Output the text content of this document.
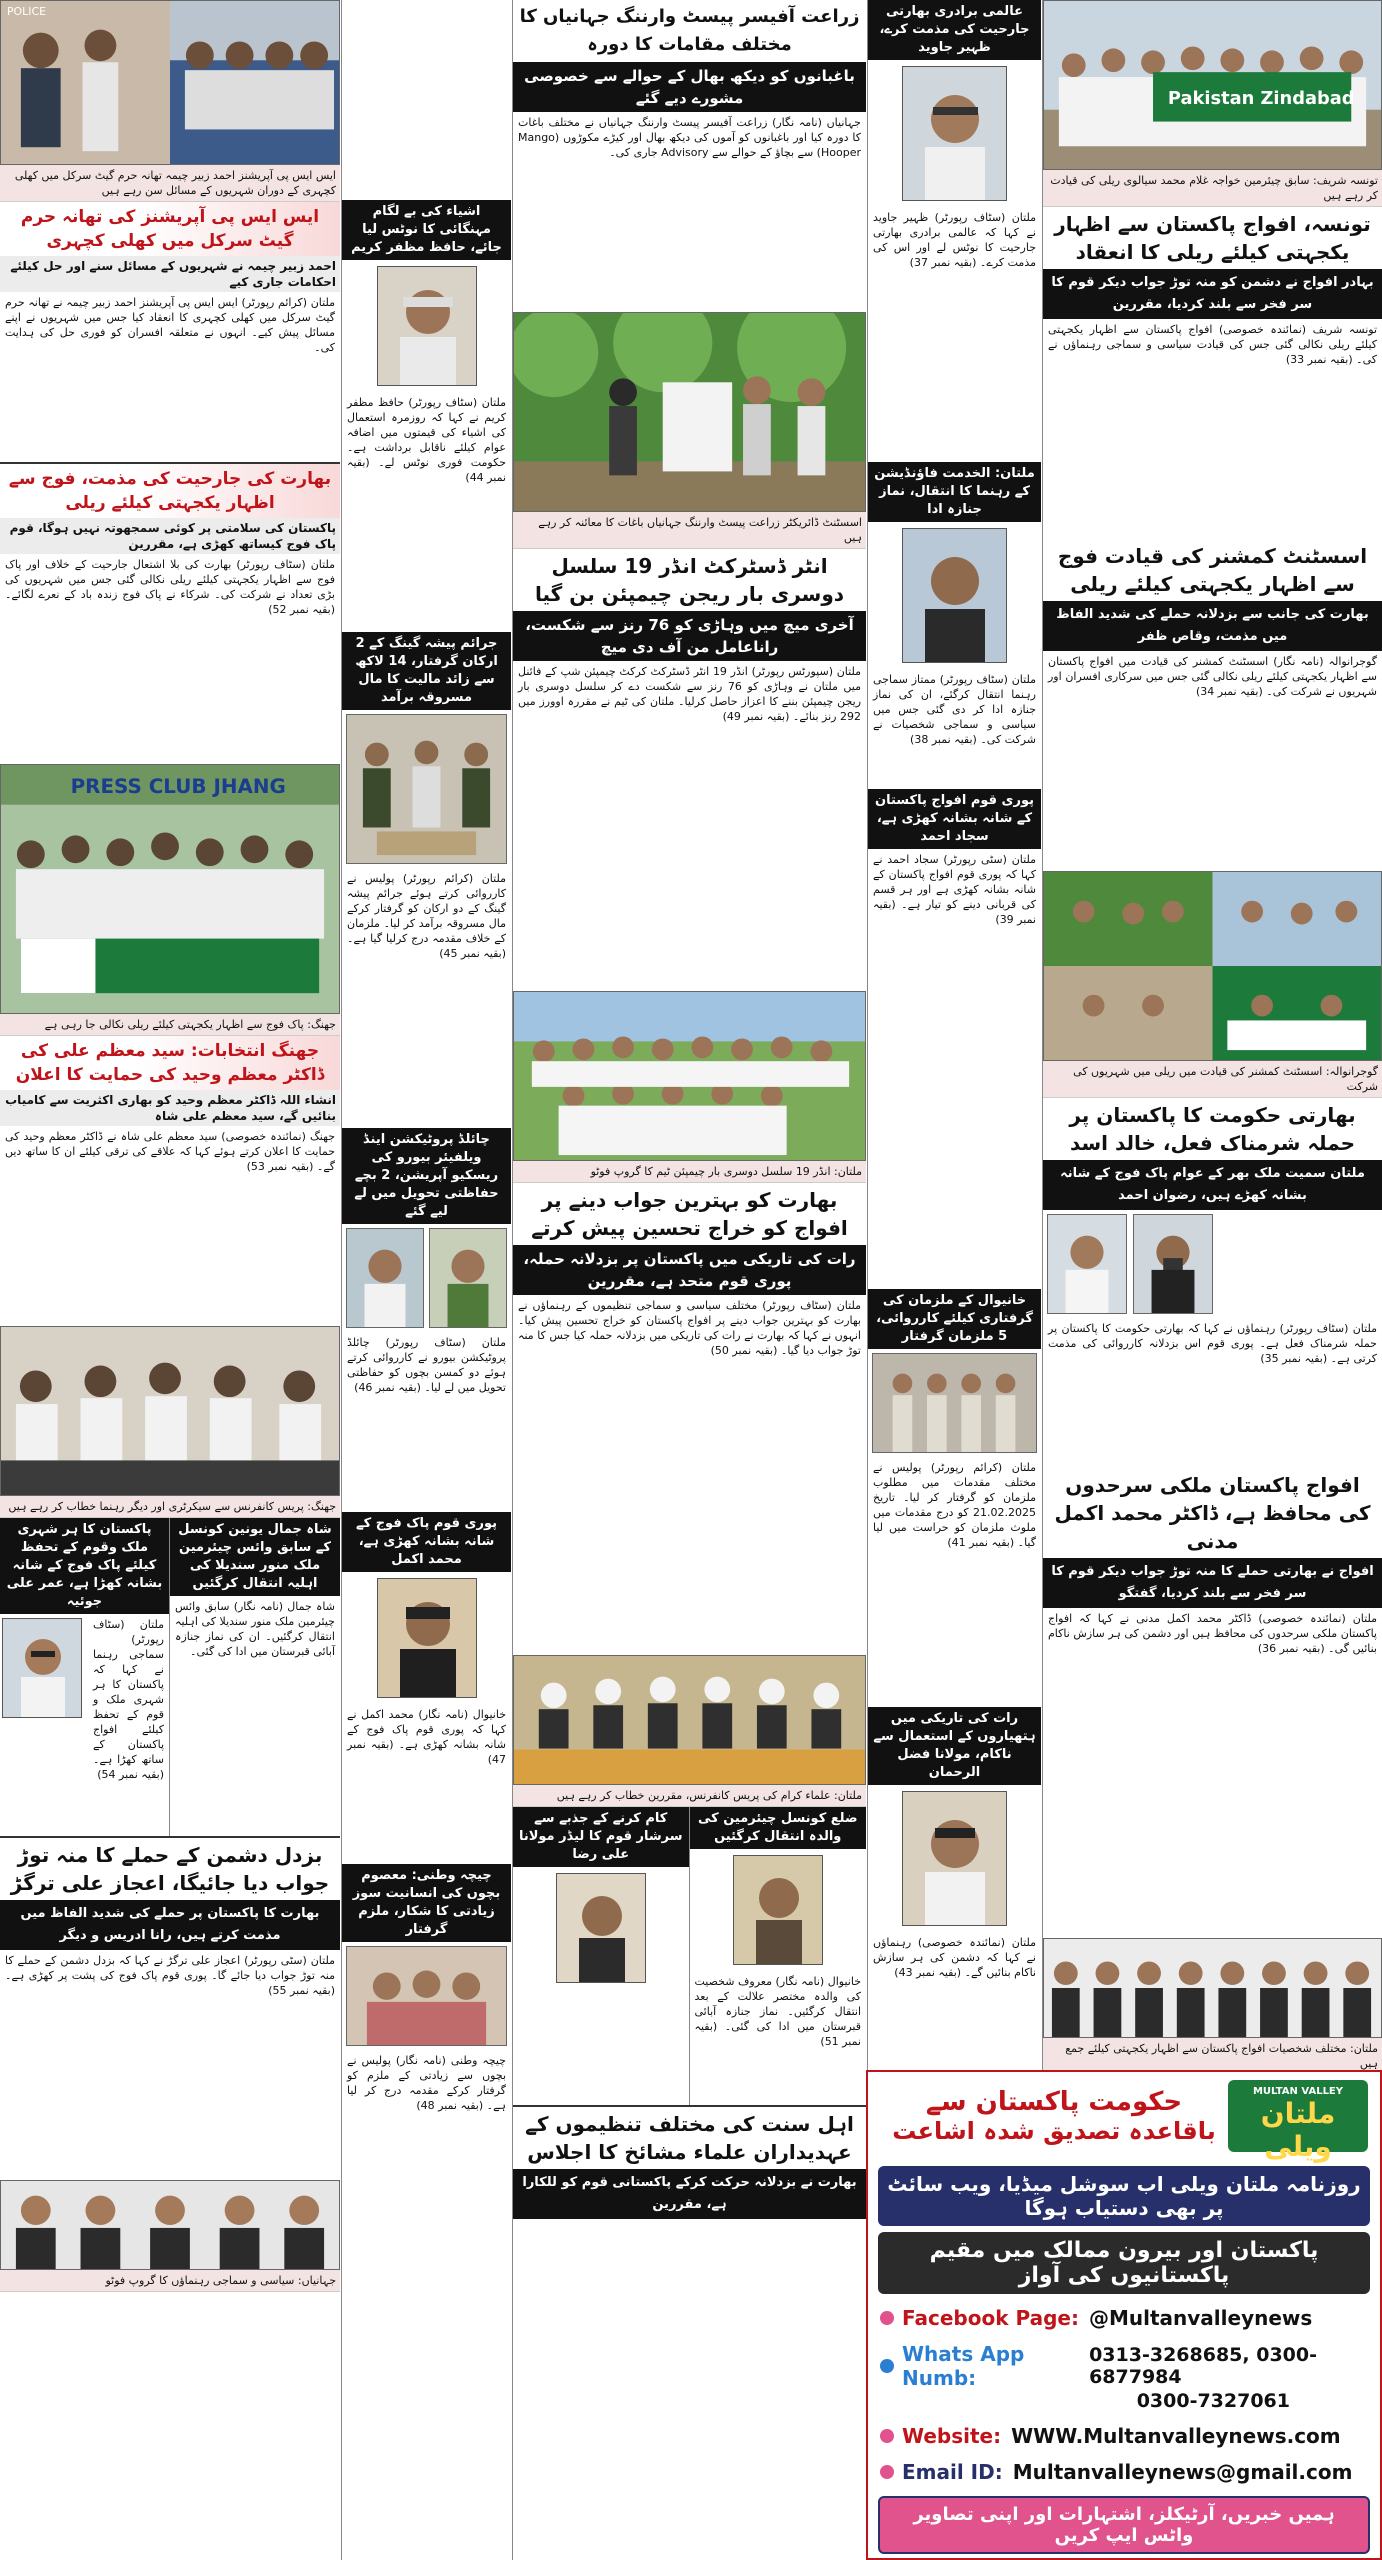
POLICE
ایس ایس پی آپریشنز احمد زبیر چیمہ تھانہ حرم گیٹ سرکل میں کھلی کچہری کے دوران شہریوں کے مسائل سن رہے ہیں
ایس ایس پی آپریشنز کی تھانہ حرم گیٹ سرکل میں کھلی کچہری
احمد زبیر چیمہ نے شہریوں کے مسائل سنے اور حل کیلئے احکامات جاری کیے
ملتان (کرائم رپورٹر) ایس ایس پی آپریشنز احمد زبیر چیمہ نے تھانہ حرم گیٹ سرکل میں کھلی کچہری کا انعقاد کیا جس میں شہریوں نے اپنے مسائل پیش کیے۔ انہوں نے متعلقہ افسران کو فوری حل کی ہدایت کی۔
بھارت کی جارحیت کی مذمت، فوج سے اظہار یکجہتی کیلئے ریلی
پاکستان کی سلامتی پر کوئی سمجھوتہ نہیں ہوگا، قوم پاک فوج کیساتھ کھڑی ہے، مقررین
ملتان (سٹاف رپورٹر) بھارت کی بلا اشتعال جارحیت کے خلاف اور پاک فوج سے اظہار یکجہتی کیلئے ریلی نکالی گئی جس میں شہریوں کی بڑی تعداد نے شرکت کی۔ شرکاء نے پاک فوج زندہ باد کے نعرے لگائے۔ (بقیہ نمبر 52)
PRESS CLUB JHANG
جھنگ: پاک فوج سے اظہار یکجہتی کیلئے ریلی نکالی جا رہی ہے
جھنگ انتخابات: سید معظم علی کی ڈاکٹر معظم وحید کی حمایت کا اعلان
انشاء اللہ ڈاکٹر معظم وحید کو بھاری اکثریت سے کامیاب بنائیں گے، سید معظم علی شاہ
جھنگ (نمائندہ خصوصی) سید معظم علی شاہ نے ڈاکٹر معظم وحید کی حمایت کا اعلان کرتے ہوئے کہا کہ علاقے کی ترقی کیلئے ان کا ساتھ دیں گے۔ (بقیہ نمبر 53)
جھنگ: پریس کانفرنس سے سیکرٹری اور دیگر رہنما خطاب کر رہے ہیں
پاکستان کا ہر شہری ملک وقوم کے تحفظ کیلئے پاک فوج کے شانہ بشانہ کھڑا ہے، عمر علی جوئیہ
ملتان (سٹاف رپورٹر) سماجی رہنما نے کہا کہ پاکستان کا ہر شہری ملک و قوم کے تحفظ کیلئے افواج پاکستان کے ساتھ کھڑا ہے۔ (بقیہ نمبر 54)
شاہ جمال یونین کونسل کے سابق وائس چیئرمین ملک منور سندیلا کی اہلیہ انتقال کرگئیں
شاہ جمال (نامہ نگار) سابق وائس چیئرمین ملک منور سندیلا کی اہلیہ انتقال کرگئیں۔ ان کی نماز جنازہ آبائی قبرستان میں ادا کی گئی۔
بزدل دشمن کے حملے کا منہ توڑ جواب دیا جائیگا، اعجاز علی ترگڑ
بھارت کا پاکستان پر حملے کی شدید الفاظ میں مذمت کرتے ہیں، رانا ادریس و دیگر
ملتان (سٹی رپورٹر) اعجاز علی ترگڑ نے کہا کہ بزدل دشمن کے حملے کا منہ توڑ جواب دیا جائے گا۔ پوری قوم پاک فوج کی پشت پر کھڑی ہے۔ (بقیہ نمبر 55)
جہانیاں: سیاسی و سماجی رہنماؤں کا گروپ فوٹو
اشیاء کی بے لگام مہنگائی کا نوٹس لیا جائے، حافظ مظفر کریم
ملتان (سٹاف رپورٹر) حافظ مظفر کریم نے کہا کہ روزمرہ استعمال کی اشیاء کی قیمتوں میں اضافہ عوام کیلئے ناقابل برداشت ہے۔ حکومت فوری نوٹس لے۔ (بقیہ نمبر 44)
جرائم پیشہ گینگ کے 2 ارکان گرفتار، 14 لاکھ سے زائد مالیت کا مال مسروقہ برآمد
ملتان (کرائم رپورٹر) پولیس نے کارروائی کرتے ہوئے جرائم پیشہ گینگ کے دو ارکان کو گرفتار کرکے مال مسروقہ برآمد کر لیا۔ ملزمان کے خلاف مقدمہ درج کرلیا گیا ہے۔ (بقیہ نمبر 45)
چائلڈ پروٹیکشن اینڈ ویلفیئر بیورو کی ریسکیو آپریشن، 2 بچے حفاظتی تحویل میں لے لیے گئے
ملتان (سٹاف رپورٹر) چائلڈ پروٹیکشن بیورو نے کارروائی کرتے ہوئے دو کمسن بچوں کو حفاظتی تحویل میں لے لیا۔ (بقیہ نمبر 46)
پوری قوم پاک فوج کے شانہ بشانہ کھڑی ہے، محمد اکمل
خانیوال (نامہ نگار) محمد اکمل نے کہا کہ پوری قوم پاک فوج کے شانہ بشانہ کھڑی ہے۔ (بقیہ نمبر 47)
چیچہ وطنی: معصوم بچوں کی انسانیت سوز زیادتی کا شکار، ملزم گرفتار
چیچہ وطنی (نامہ نگار) پولیس نے بچوں سے زیادتی کے ملزم کو گرفتار کرکے مقدمہ درج کر لیا ہے۔ (بقیہ نمبر 48)
زراعت آفیسر پیسٹ وارننگ جہانیاں کا مختلف مقامات کا دورہ
باغبانوں کو دیکھ بھال کے حوالے سے خصوصی مشورے دیے گئے
جہانیاں (نامہ نگار) زراعت آفیسر پیسٹ وارننگ جہانیاں نے مختلف باغات کا دورہ کیا اور باغبانوں کو آموں کی دیکھ بھال اور کیڑے مکوڑوں (Mango Hooper) سے بچاؤ کے حوالے سے Advisory جاری کی۔
اسسٹنٹ ڈائریکٹر زراعت پیسٹ وارننگ جہانیاں باغات کا معائنہ کر رہے ہیں
انٹر ڈسٹرکٹ انڈر 19 سلسل دوسری بار ریجن چیمپئن بن گیا
آخری میچ میں وہاڑی کو 76 رنز سے شکست، راناعامل من آف دی میچ
ملتان (سپورٹس رپورٹر) انڈر 19 انٹر ڈسٹرکٹ کرکٹ چیمپئن شپ کے فائنل میں ملتان نے وہاڑی کو 76 رنز سے شکست دے کر سلسل دوسری بار ریجن چیمپئن بننے کا اعزاز حاصل کرلیا۔ ملتان کی ٹیم نے مقررہ اوورز میں 292 رنز بنائے۔ (بقیہ نمبر 49)
ملتان: انڈر 19 سلسل دوسری بار چیمپئن ٹیم کا گروپ فوٹو
بھارت کو بہترین جواب دینے پر افواج کو خراج تحسین پیش کرتے
رات کی تاریکی میں پاکستان پر بزدلانہ حملہ، پوری قوم متحد ہے، مقررین
ملتان (سٹاف رپورٹر) مختلف سیاسی و سماجی تنظیموں کے رہنماؤں نے بھارت کو بہترین جواب دینے پر افواج پاکستان کو خراج تحسین پیش کیا۔ انہوں نے کہا کہ بھارت نے رات کی تاریکی میں بزدلانہ حملہ کیا جس کا منہ توڑ جواب دیا گیا۔ (بقیہ نمبر 50)
ملتان: علماء کرام کی پریس کانفرنس، مقررین خطاب کر رہے ہیں
کام کرنے کے جذبے سے سرشار قوم کا لیڈر مولانا علی رضا
ضلع کونسل چیئرمین کی والدہ انتقال کرگئیں
خانیوال (نامہ نگار) معروف شخصیت کی والدہ مختصر علالت کے بعد انتقال کرگئیں۔ نماز جنازہ آبائی قبرستان میں ادا کی گئی۔ (بقیہ نمبر 51)
اہل سنت کی مختلف تنظیموں کے عہدیداران علماء مشائخ کا اجلاس
بھارت نے بزدلانہ حرکت کرکے پاکستانی قوم کو للکارا ہے، مقررین
عالمی برادری بھارتی جارحیت کی مذمت کرے، ظہیر جاوید
ملتان (سٹاف رپورٹر) ظہیر جاوید نے کہا کہ عالمی برادری بھارتی جارحیت کا نوٹس لے اور اس کی مذمت کرے۔ (بقیہ نمبر 37)
ملتان: الخدمت فاؤنڈیشن کے رہنما کا انتقال، نماز جنازہ ادا
ملتان (سٹاف رپورٹر) ممتاز سماجی رہنما انتقال کرگئے، ان کی نماز جنازہ ادا کر دی گئی جس میں سیاسی و سماجی شخصیات نے شرکت کی۔ (بقیہ نمبر 38)
پوری قوم افواج پاکستان کے شانہ بشانہ کھڑی ہے، سجاد احمد
ملتان (سٹی رپورٹر) سجاد احمد نے کہا کہ پوری قوم افواج پاکستان کے شانہ بشانہ کھڑی ہے اور ہر قسم کی قربانی دینے کو تیار ہے۔ (بقیہ نمبر 39)
خانیوال کے ملزمان کی گرفتاری کیلئے کارروائی، 5 ملزمان گرفتار
ملتان (کرائم رپورٹر) پولیس نے مختلف مقدمات میں مطلوب ملزمان کو گرفتار کر لیا۔ تاریخ 21.02.2025 کو درج مقدمات میں ملوث ملزمان کو حراست میں لیا گیا۔ (بقیہ نمبر 41)
رات کی تاریکی میں ہتھیاروں کے استعمال سے ناکام، مولانا فضل الرحمان
ملتان (نمائندہ خصوصی) رہنماؤں نے کہا کہ دشمن کی ہر سازش ناکام بنائیں گے۔ (بقیہ نمبر 43)
Pakistan Zindabad
تونسہ شریف: سابق چیئرمین خواجہ غلام محمد سیالوی ریلی کی قیادت کر رہے ہیں
تونسہ، افواج پاکستان سے اظہار یکجہتی کیلئے ریلی کا انعقاد
بہادر افواج نے دشمن کو منہ توڑ جواب دیکر قوم کا سر فخر سے بلند کردیا، مقررین
تونسہ شریف (نمائندہ خصوصی) افواج پاکستان سے اظہار یکجہتی کیلئے ریلی نکالی گئی جس کی قیادت سیاسی و سماجی رہنماؤں نے کی۔ (بقیہ نمبر 33)
اسسٹنٹ کمشنر کی قیادت فوج سے اظہار یکجہتی کیلئے ریلی
بھارت کی جانب سے بزدلانہ حملے کی شدید الفاظ میں مذمت، وقاص ظفر
گوجرانوالہ (نامہ نگار) اسسٹنٹ کمشنر کی قیادت میں افواج پاکستان سے اظہار یکجہتی کیلئے ریلی نکالی گئی جس میں سرکاری افسران اور شہریوں نے شرکت کی۔ (بقیہ نمبر 34)
گوجرانوالہ: اسسٹنٹ کمشنر کی قیادت میں ریلی میں شہریوں کی شرکت
بھارتی حکومت کا پاکستان پر حملہ شرمناک فعل، خالد اسد
ملتان سمیت ملک بھر کے عوام پاک فوج کے شانہ بشانہ کھڑے ہیں، رضوان احمد
ملتان (سٹاف رپورٹر) رہنماؤں نے کہا کہ بھارتی حکومت کا پاکستان پر حملہ شرمناک فعل ہے۔ پوری قوم اس بزدلانہ کارروائی کی مذمت کرتی ہے۔ (بقیہ نمبر 35)
افواج پاکستان ملکی سرحدوں کی محافظ ہے، ڈاکٹر محمد اکمل مدنی
افواج نے بھارتی حملے کا منہ توڑ جواب دیکر قوم کا سر فخر سے بلند کردیا، گفتگو
ملتان (نمائندہ خصوصی) ڈاکٹر محمد اکمل مدنی نے کہا کہ افواج پاکستان ملکی سرحدوں کی محافظ ہیں اور دشمن کی ہر سازش ناکام بنائیں گی۔ (بقیہ نمبر 36)
ملتان: مختلف شخصیات افواج پاکستان سے اظہار یکجہتی کیلئے جمع ہیں
حکومت پاکستان سے
باقاعدہ تصدیق شدہ اشاعت
MULTAN VALLEY
ملتان ویلی
روزنامہ ملتان ویلی اب سوشل میڈیا، ویب سائٹ پر بھی دستیاب ہوگا
پاکستان اور بیرون ممالک میں مقیم پاکستانیوں کی آواز
Facebook Page: @Multanvalleynews
Whats App Numb:
0313-3268685, 0300-6877984
0300-7327061
Website: WWW.Multanvalleynews.com
Email ID: Multanvalleynews@gmail.com
ہمیں خبریں، آرٹیکلز، اشتہارات اور اپنی تصاویر واٹس ایپ کریں
